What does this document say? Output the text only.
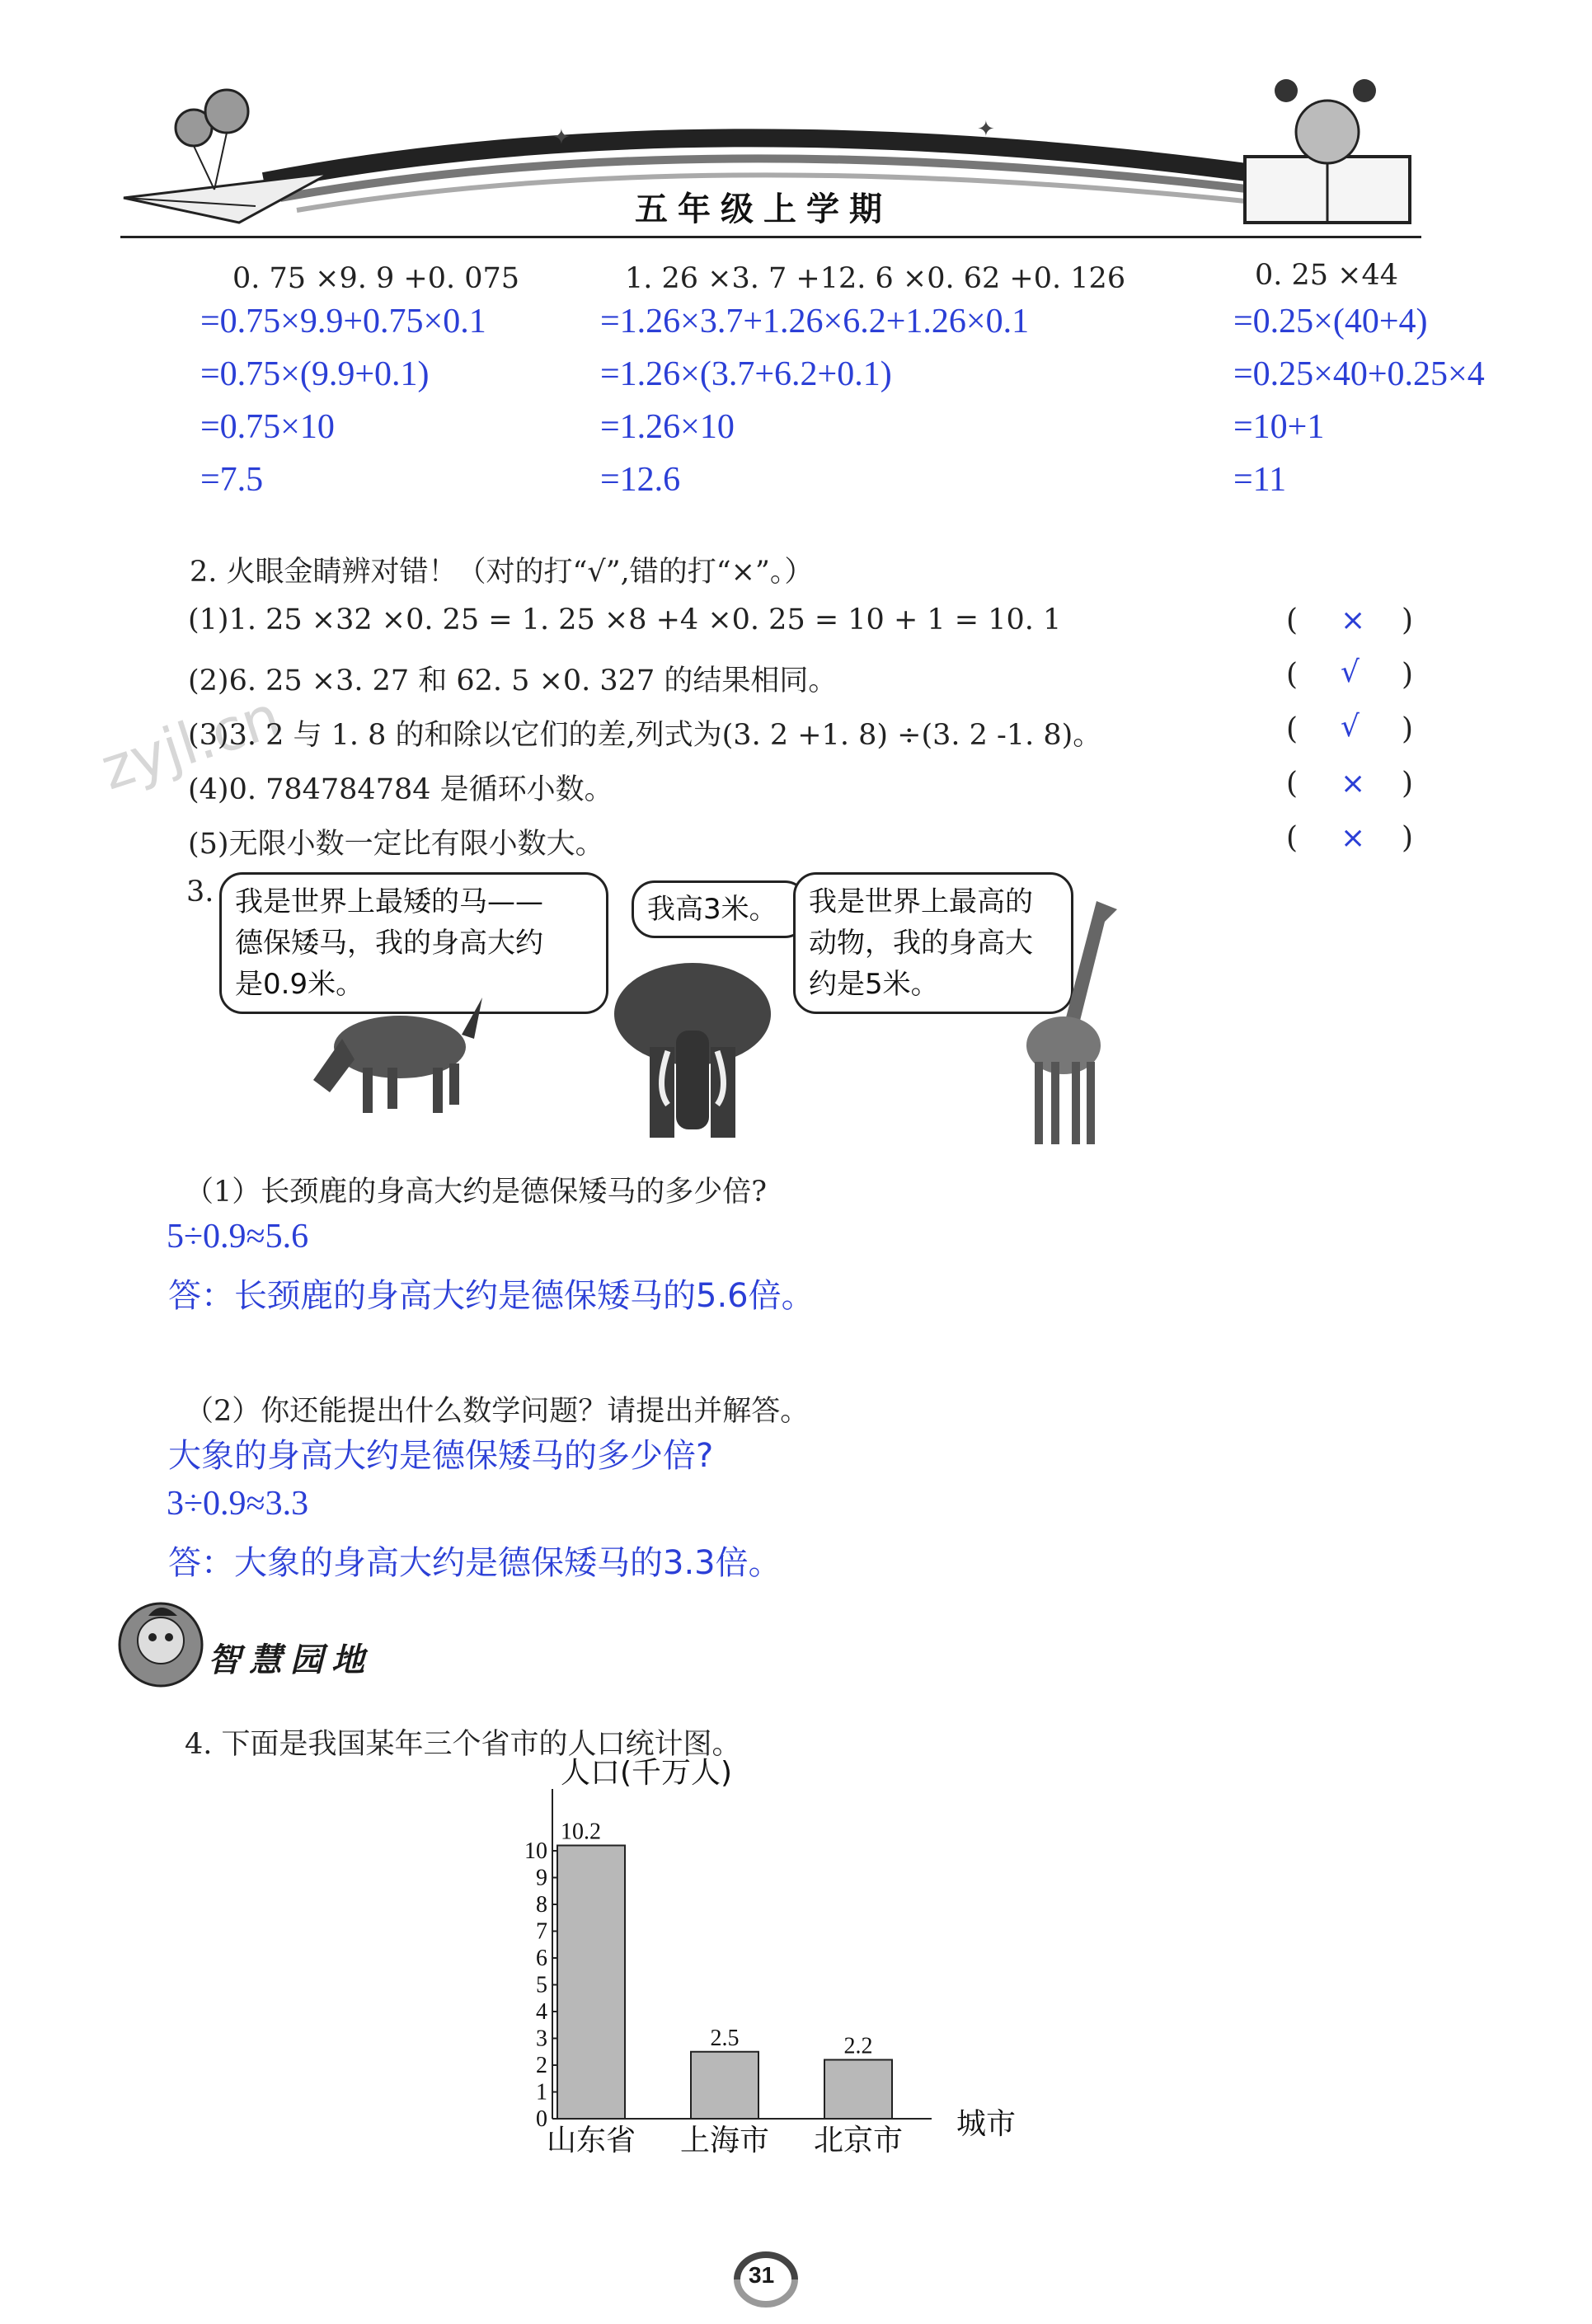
✦	✦
五年级上学期
zyjl.cn
0. 75 ×9. 9 +0. 075
=0.75×9.9+0.75×0.1
=0.75×(9.9+0.1)
=0.75×10
=7.5
1. 26 ×3. 7 +12. 6 ×0. 62 +0. 126
=1.26×3.7+1.26×6.2+1.26×0.1
=1.26×(3.7+6.2+0.1)
=1.26×10
=12.6
0. 25 ×44
=0.25×(40+4)
=0.25×40+0.25×4
=10+1
=11
2. 火眼金睛辨对错！（对的打“√”,错的打“×”。）
(1)1. 25 ×32 ×0. 25 = 1. 25 ×8 +4 ×0. 25 = 10 + 1 = 10. 1	( × )
(2)6. 25 ×3. 27 和 62. 5 ×0. 327 的结果相同。	( √ )
(3)3. 2 与 1. 8 的和除以它们的差,列式为(3. 2 +1. 8) ÷(3. 2 -1. 8)。	( √ )
(4)0. 784784784 是循环小数。	( × )
(5)无限小数一定比有限小数大。	( × )
3. 我是世界上最矮的马——
德保矮马，我的身高大约
是0.9米。
我高3米。	我是世界上最高的
动物，我的身高大
约是5米。
（1）长颈鹿的身高大约是德保矮马的多少倍?
5÷0.9≈5.6
答：长颈鹿的身高大约是德保矮马的5.6倍。
（2）你还能提出什么数学问题？请提出并解答。
大象的身高大约是德保矮马的多少倍?
3÷0.9≈3.3
答：大象的身高大约是德保矮马的3.3倍。
智慧园地
4. 下面是我国某年三个省市的人口统计图。
0
1
2
3
4
5
6
7
8
9
10
人口(千万人)
城市
10.2
山东省
2.5
上海市
2.2
北京市
31
